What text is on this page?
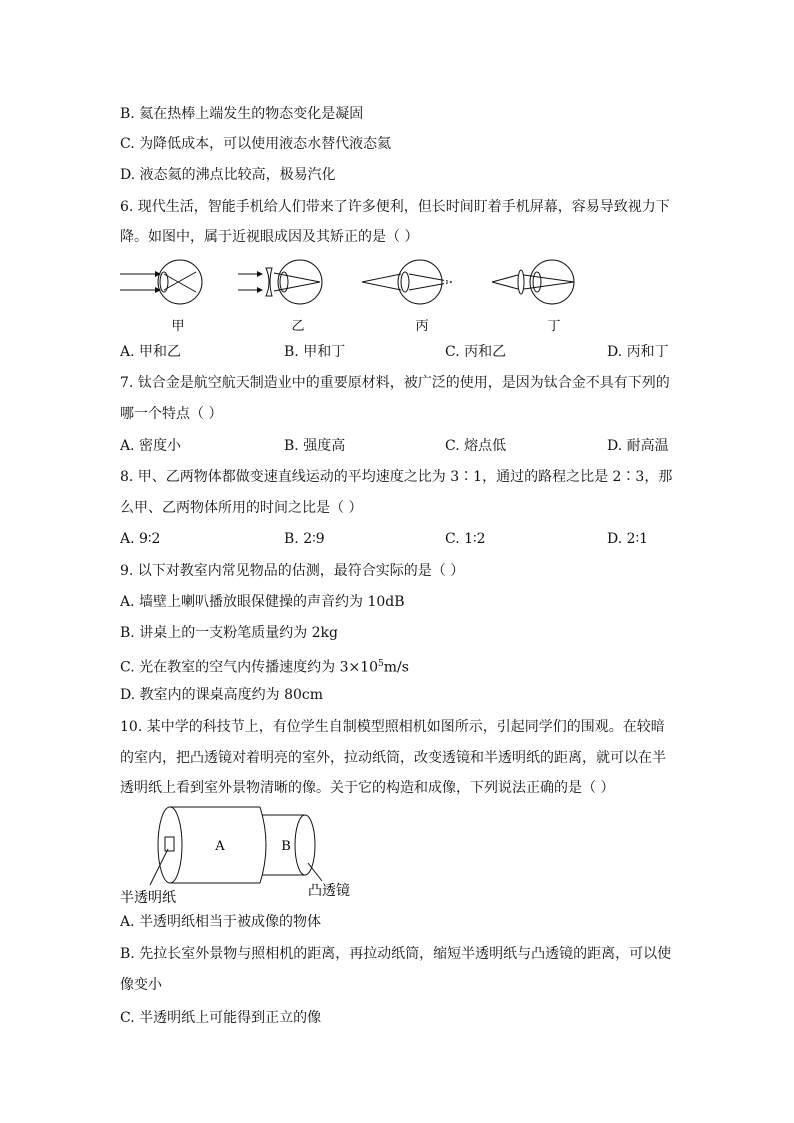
B. 氦在热棒上端发生的物态变化是凝固
C. 为降低成本，可以使用液态水替代液态氦
D. 液态氦的沸点比较高，极易汽化
6. 现代生活，智能手机给人们带来了许多便利，但长时间盯着手机屏幕，容易导致视力下
降。如图中，属于近视眼成因及其矫正的是（ ）
甲	乙	丙	丁
A. 甲和乙	B. 甲和丁	C. 丙和乙	D. 丙和丁
7. 钛合金是航空航天制造业中的重要原材料，被广泛的使用，是因为钛合金不具有下列的
哪一个特点（ ）
A. 密度小	B. 强度高	C. 熔点低	D. 耐高温
8. 甲、乙两物体都做变速直线运动的平均速度之比为 3∶1，通过的路程之比是 2∶3，那
么甲、乙两物体所用的时间之比是（ ）
A. 9∶2	B. 2∶9	C. 1∶2	D. 2∶1
9. 以下对教室内常见物品的估测，最符合实际的是（ ）
A. 墙壁上喇叭播放眼保健操的声音约为 10dB
B. 讲桌上的一支粉笔质量约为 2kg
C. 光在教室的空气内传播速度约为 $3\times 10^5m/s$
D. 教室内的课桌高度约为 80cm
10. 某中学的科技节上，有位学生自制模型照相机如图所示，引起同学们的围观。在较暗
的室内，把凸透镜对着明亮的室外，拉动纸筒，改变透镜和半透明纸的距离，就可以在半
透明纸上看到室外景物清晰的像。关于它的构造和成像，下列说法正确的是（ ）
A	B
半透明纸	凸透镜
A. 半透明纸相当于被成像的物体
B. 先拉长室外景物与照相机的距离，再拉动纸筒，缩短半透明纸与凸透镜的距离，可以使
像变小
C. 半透明纸上可能得到正立的像
